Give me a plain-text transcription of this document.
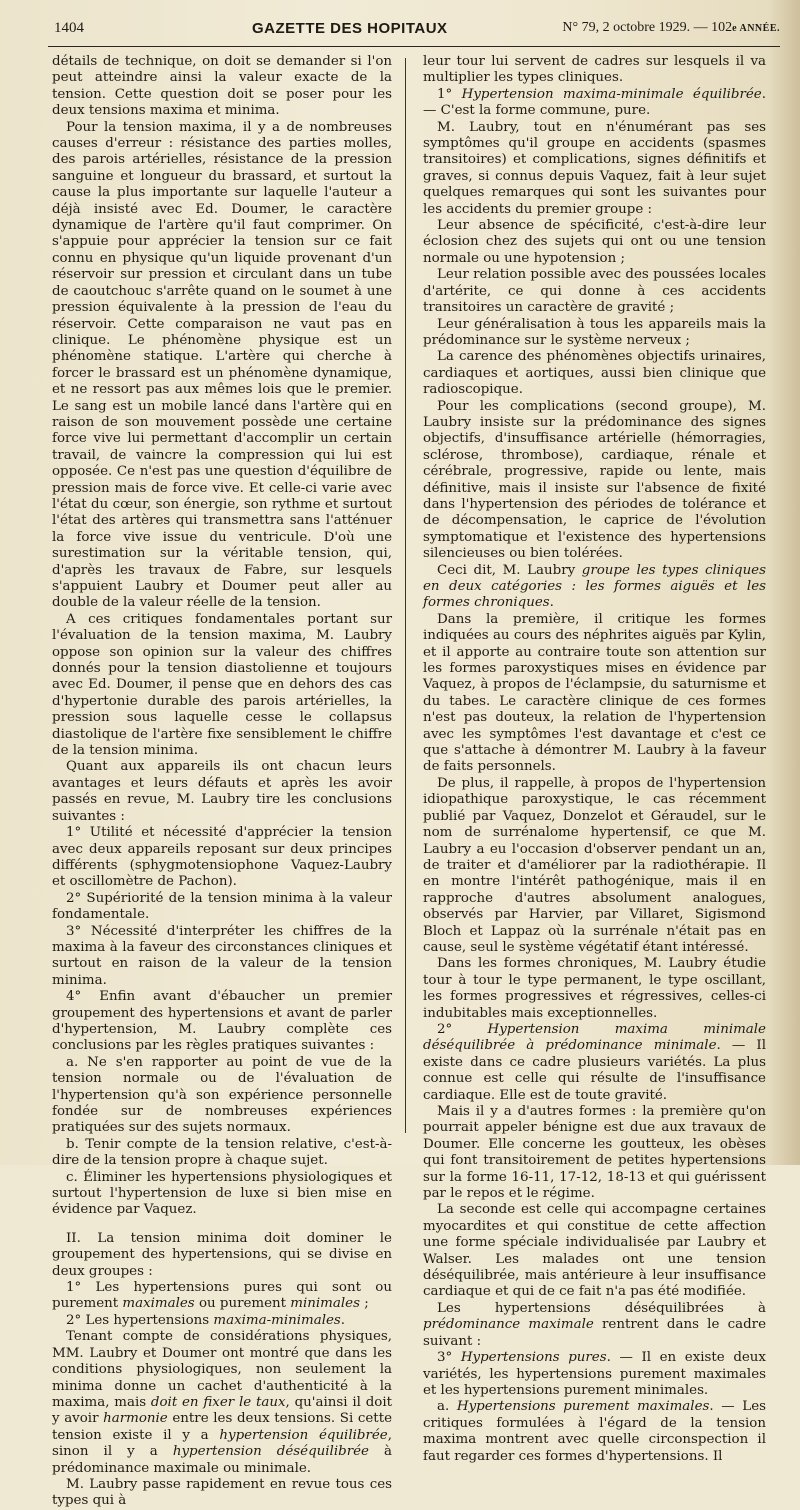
1404	GAZETTE DES HOPITAUX	N° 79, 2 octobre 1929. — 102e ANNÉE.

détails de technique, on doit se demander si l'on peut atteindre ainsi la valeur exacte de la tension. Cette question doit se poser pour les deux tensions maxima et minima.

Pour la tension maxima, il y a de nombreuses causes d'erreur : résistance des parties molles, des parois artérielles, résistance de la pression sanguine et longueur du brassard, et surtout la cause la plus importante sur laquelle l'auteur a déjà insisté avec Ed. Doumer, le caractère dynamique de l'artère qu'il faut comprimer. On s'appuie pour apprécier la tension sur ce fait connu en physique qu'un liquide provenant d'un réservoir sur pression et circulant dans un tube de caoutchouc s'arrête quand on le soumet à une pression équivalente à la pression de l'eau du réservoir. Cette comparaison ne vaut pas en clinique. Le phénomène physique est un phénomène statique. L'artère qui cherche à forcer le brassard est un phénomène dynamique, et ne ressort pas aux mêmes lois que le premier. Le sang est un mobile lancé dans l'artère qui en raison de son mouvement possède une certaine force vive lui permettant d'accomplir un certain travail, de vaincre la compression qui lui est opposée. Ce n'est pas une question d'équilibre de pression mais de force vive. Et celle-ci varie avec l'état du cœur, son énergie, son rythme et surtout l'état des artères qui transmettra sans l'atténuer la force vive issue du ventricule. D'où une surestimation sur la véritable tension, qui, d'après les travaux de Fabre, sur lesquels s'appuient Laubry et Doumer peut aller au double de la valeur réelle de la tension.

A ces critiques fondamentales portant sur l'évaluation de la tension maxima, M. Laubry oppose son opinion sur la valeur des chiffres donnés pour la tension diastolienne et toujours avec Ed. Doumer, il pense que en dehors des cas d'hypertonie durable des parois artérielles, la pression sous laquelle cesse le collapsus diastolique de l'artère fixe sensiblement le chiffre de la tension minima.

Quant aux appareils ils ont chacun leurs avantages et leurs défauts et après les avoir passés en revue, M. Laubry tire les conclusions suivantes :

1° Utilité et nécessité d'apprécier la tension avec deux appareils reposant sur deux principes différents (sphygmotensiophone Vaquez-Laubry et oscillomètre de Pachon).

2° Supériorité de la tension minima à la valeur fondamentale.

3° Nécessité d'interpréter les chiffres de la maxima à la faveur des circonstances cliniques et surtout en raison de la valeur de la tension minima.

4° Enfin avant d'ébaucher un premier groupement des hypertensions et avant de parler d'hypertension, M. Laubry complète ces conclusions par les règles pratiques suivantes :

a. Ne s'en rapporter au point de vue de la tension normale ou de l'évaluation de l'hypertension qu'à son expérience personnelle fondée sur de nombreuses expériences pratiquées sur des sujets normaux.

b. Tenir compte de la tension relative, c'est-à-dire de la tension propre à chaque sujet.

c. Éliminer les hypertensions physiologiques et surtout l'hypertension de luxe si bien mise en évidence par Vaquez.

II. La tension minima doit dominer le groupement des hypertensions, qui se divise en deux groupes :

1° Les hypertensions pures qui sont ou purement maximales ou purement minimales ;

2° Les hypertensions maxima-minimales.

Tenant compte de considérations physiques, MM. Laubry et Doumer ont montré que dans les conditions physiologiques, non seulement la minima donne un cachet d'authenticité à la maxima, mais doit en fixer le taux, qu'ainsi il doit y avoir harmonie entre les deux tensions. Si cette tension existe il y a hypertension équilibrée, sinon il y a hypertension déséquilibrée à prédominance maximale ou minimale.

M. Laubry passe rapidement en revue tous ces types qui à

leur tour lui servent de cadres sur lesquels il va multiplier les types cliniques.

1° Hypertension maxima-minimale équilibrée. — C'est la forme commune, pure.

M. Laubry, tout en n'énumérant pas ses symptômes qu'il groupe en accidents (spasmes transitoires) et complications, signes définitifs et graves, si connus depuis Vaquez, fait à leur sujet quelques remarques qui sont les suivantes pour les accidents du premier groupe :

Leur absence de spécificité, c'est-à-dire leur éclosion chez des sujets qui ont ou une tension normale ou une hypotension ;

Leur relation possible avec des poussées locales d'artérite, ce qui donne à ces accidents transitoires un caractère de gravité ;

Leur généralisation à tous les appareils mais la prédominance sur le système nerveux ;

La carence des phénomènes objectifs urinaires, cardiaques et aortiques, aussi bien clinique que radioscopique.

Pour les complications (second groupe), M. Laubry insiste sur la prédominance des signes objectifs, d'insuffisance artérielle (hémorragies, sclérose, thrombose), cardiaque, rénale et cérébrale, progressive, rapide ou lente, mais définitive, mais il insiste sur l'absence de fixité dans l'hypertension des périodes de tolérance et de décompensation, le caprice de l'évolution symptomatique et l'existence des hypertensions silencieuses ou bien tolérées.

Ceci dit, M. Laubry groupe les types cliniques en deux catégories : les formes aiguës et les formes chroniques.

Dans la première, il critique les formes indiquées au cours des néphrites aiguës par Kylin, et il apporte au contraire toute son attention sur les formes paroxystiques mises en évidence par Vaquez, à propos de l'éclampsie, du saturnisme et du tabes. Le caractère clinique de ces formes n'est pas douteux, la relation de l'hypertension avec les symptômes l'est davantage et c'est ce que s'attache à démontrer M. Laubry à la faveur de faits personnels.

De plus, il rappelle, à propos de l'hypertension idiopathique paroxystique, le cas récemment publié par Vaquez, Donzelot et Géraudel, sur le nom de surrénalome hypertensif, ce que M. Laubry a eu l'occasion d'observer pendant un an, de traiter et d'améliorer par la radiothérapie. Il en montre l'intérêt pathogénique, mais il en rapproche d'autres absolument analogues, observés par Harvier, par Villaret, Sigismond Bloch et Lappaz où la surrénale n'était pas en cause, seul le système végétatif étant intéressé.

Dans les formes chroniques, M. Laubry étudie tour à tour le type permanent, le type oscillant, les formes progressives et régressives, celles-ci indubitables mais exceptionnelles.

2° Hypertension maxima minimale déséquilibrée à prédominance minimale. — Il existe dans ce cadre plusieurs variétés. La plus connue est celle qui résulte de l'insuffisance cardiaque. Elle est de toute gravité.

Mais il y a d'autres formes : la première qu'on pourrait appeler bénigne est due aux travaux de Doumer. Elle concerne les goutteux, les obèses qui font transitoirement de petites hypertensions sur la forme 16-11, 17-12, 18-13 et qui guérissent par le repos et le régime.

La seconde est celle qui accompagne certaines myocardites et qui constitue de cette affection une forme spéciale individualisée par Laubry et Walser. Les malades ont une tension déséquilibrée, mais antérieure à leur insuffisance cardiaque et qui de ce fait n'a pas été modifiée.

Les hypertensions déséquilibrées à prédominance maximale rentrent dans le cadre suivant :

3° Hypertensions pures. — Il en existe deux variétés, les hypertensions purement maximales et les hypertensions purement minimales.

a. Hypertensions purement maximales. — Les critiques formulées à l'égard de la tension maxima montrent avec quelle circonspection il faut regarder ces formes d'hypertensions. Il
